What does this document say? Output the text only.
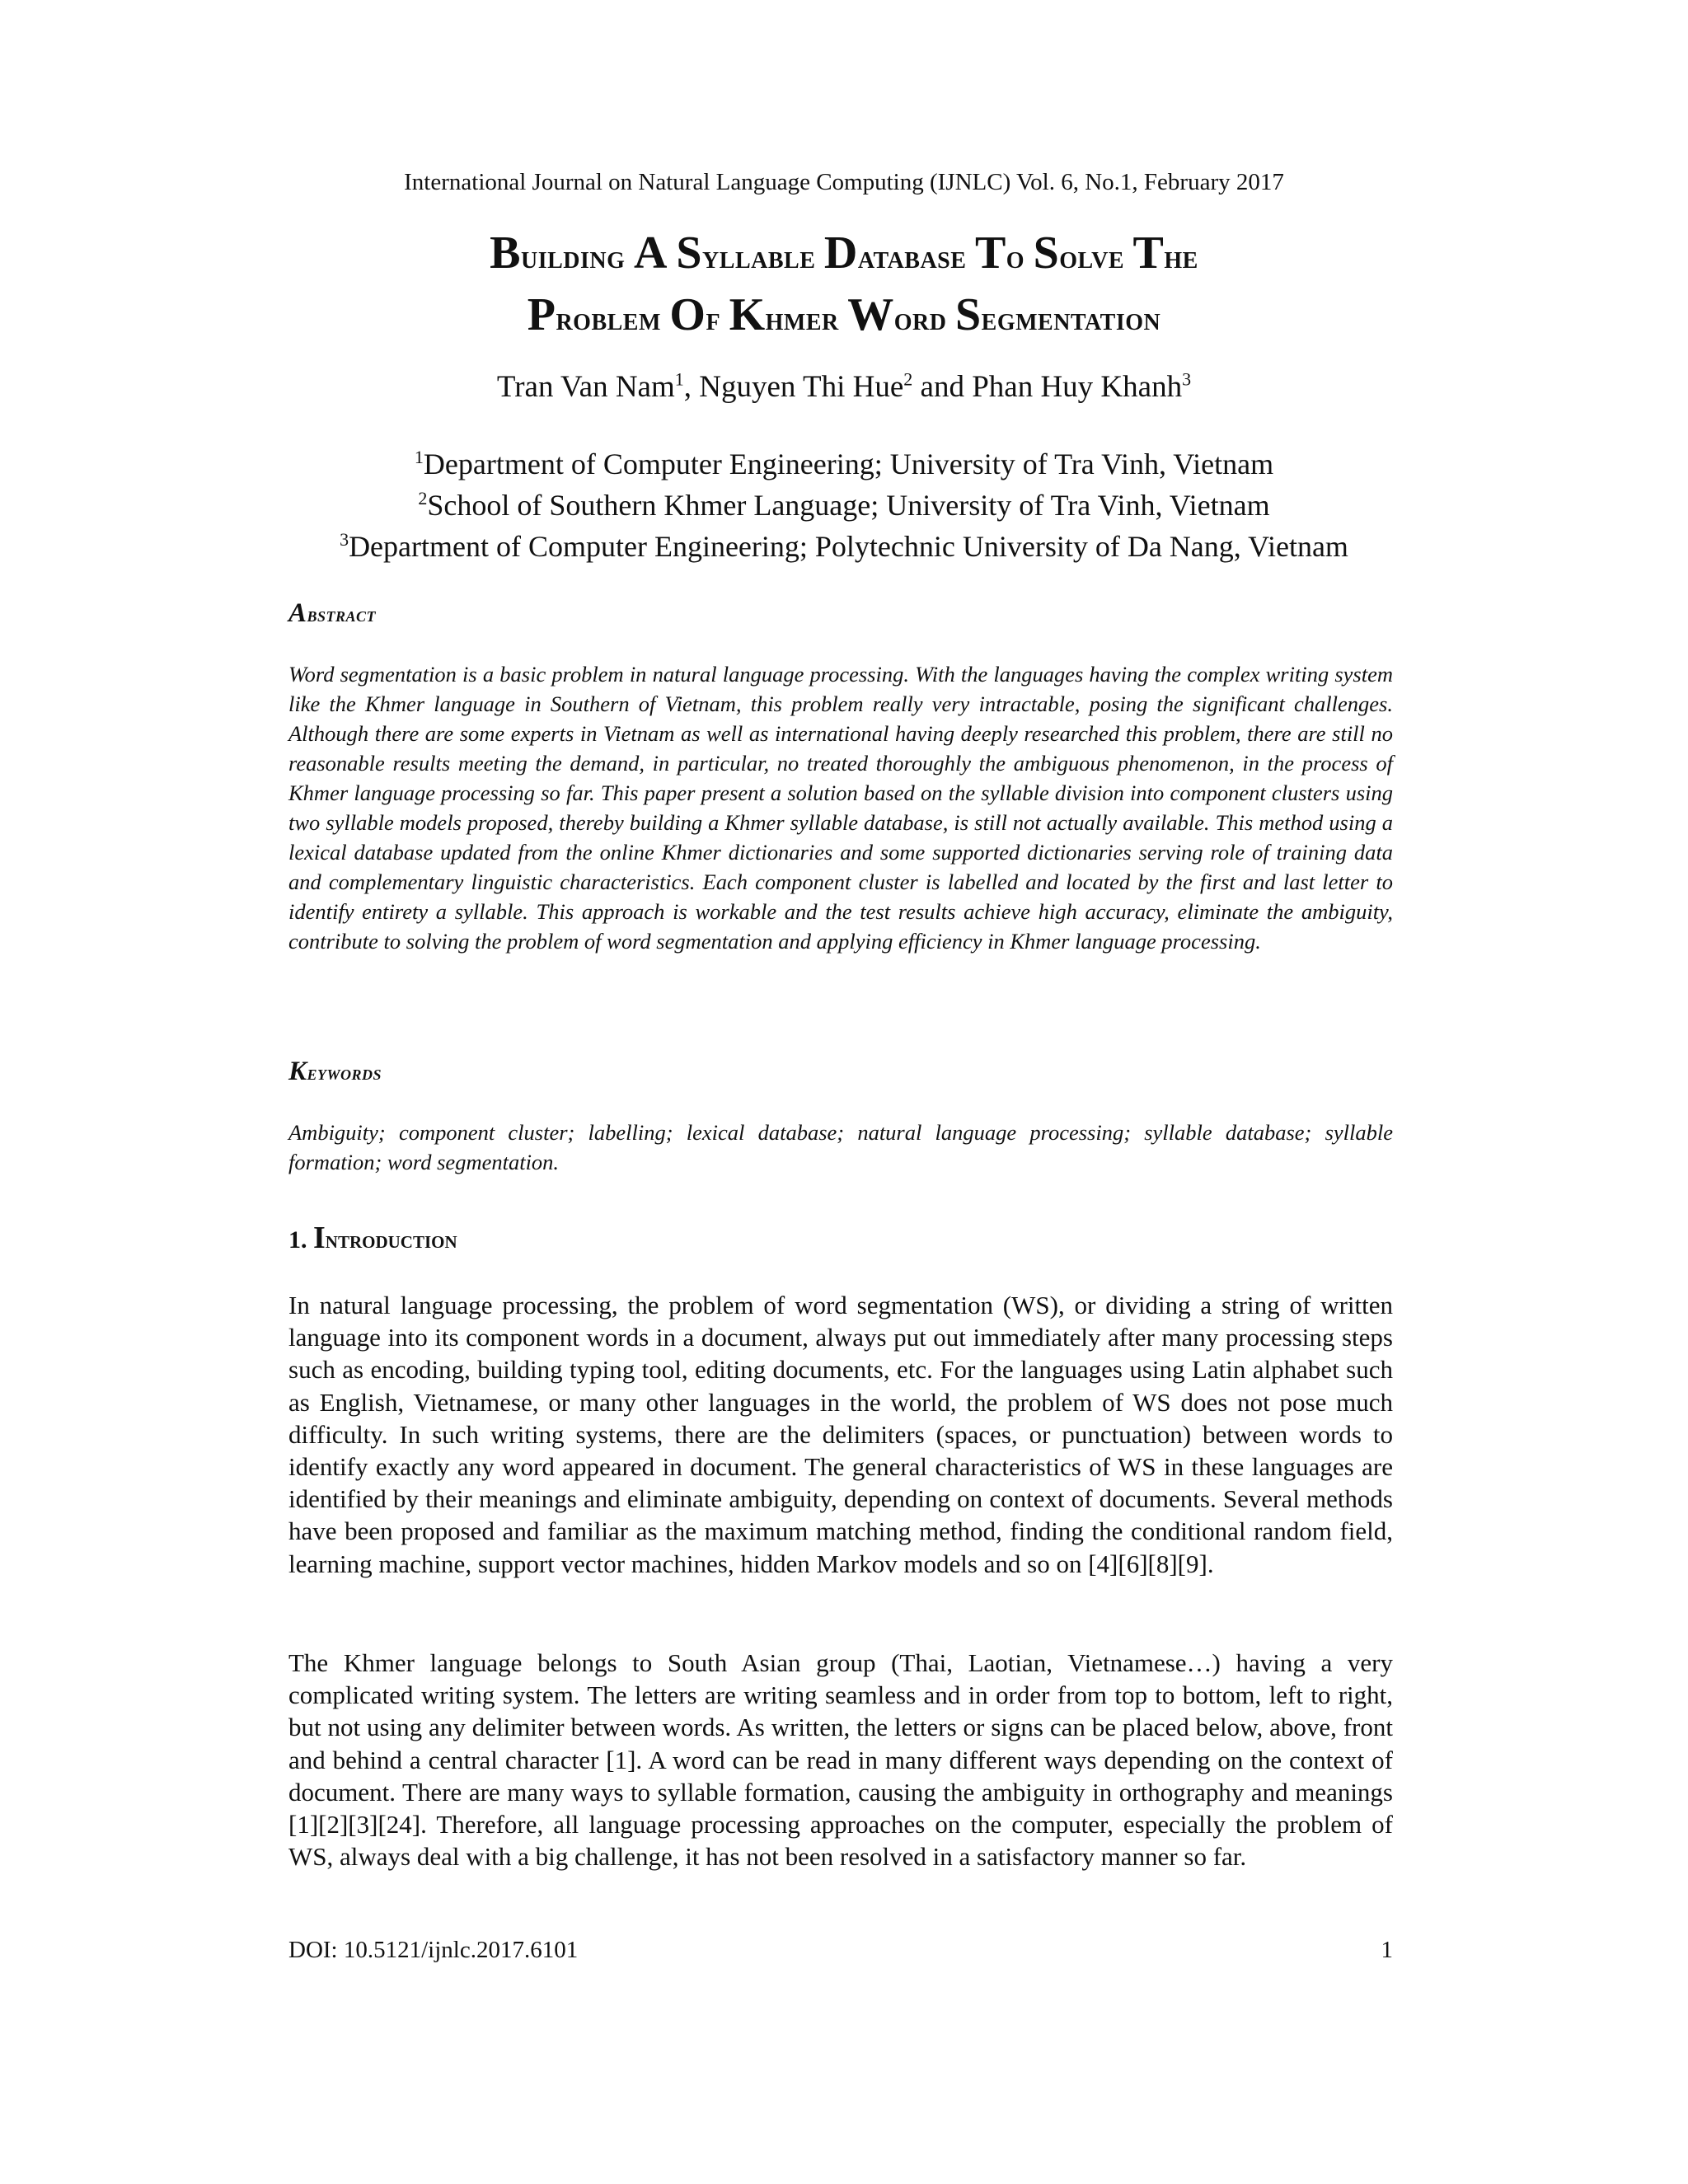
International Journal on Natural Language Computing (IJNLC) Vol. 6, No.1, February 2017
Building A Syllable Database To Solve The
Problem Of Khmer Word Segmentation
Tran Van Nam$^1$, Nguyen Thi Hue$^2$ and Phan Huy Khanh$^3$
$^1$Department of Computer Engineering; University of Tra Vinh, Vietnam
$^2$School of Southern Khmer Language; University of Tra Vinh, Vietnam
$^3$Department of Computer Engineering; Polytechnic University of Da Nang, Vietnam
Abstract

Word segmentation is a basic problem in natural language processing. With the languages having the complex writing system like the Khmer language in Southern of Vietnam, this problem really very intractable, posing the significant challenges. Although there are some experts in Vietnam as well as international having deeply researched this problem, there are still no reasonable results meeting the demand, in particular, no treated thoroughly the ambiguous phenomenon, in the process of Khmer language processing so far. This paper present a solution based on the syllable division into component clusters using two syllable models proposed, thereby building a Khmer syllable database, is still not actually available. This method using a lexical database updated from the online Khmer dictionaries and some supported dictionaries serving role of training data and complementary linguistic characteristics. Each component cluster is labelled and located by the first and last letter to identify entirety a syllable. This approach is workable and the test results achieve high accuracy, eliminate the ambiguity, contribute to solving the problem of word segmentation and applying efficiency in Khmer language processing.

Keywords

Ambiguity; component cluster; labelling; lexical database; natural language processing; syllable database; syllable formation; word segmentation.

1. Introduction

In natural language processing, the problem of word segmentation (WS), or dividing a string of written language into its component words in a document, always put out immediately after many processing steps such as encoding, building typing tool, editing documents, etc. For the languages using Latin alphabet such as English, Vietnamese, or many other languages in the world, the problem of WS does not pose much difficulty. In such writing systems, there are the delimiters (spaces, or punctuation) between words to identify exactly any word appeared in document. The general characteristics of WS in these languages are identified by their meanings and eliminate ambiguity, depending on context of documents. Several methods have been proposed and familiar as the maximum matching method, finding the conditional random field, learning machine, support vector machines, hidden Markov models and so on [4][6][8][9].

The Khmer language belongs to South Asian group (Thai, Laotian, Vietnamese…) having a very complicated writing system. The letters are writing seamless and in order from top to bottom, left to right, but not using any delimiter between words. As written, the letters or signs can be placed below, above, front and behind a central character [1]. A word can be read in many different ways depending on the context of document. There are many ways to syllable formation, causing the ambiguity in orthography and meanings [1][2][3][24]. Therefore, all language processing approaches on the computer, especially the problem of WS, always deal with a big challenge, it has not been resolved in a satisfactory manner so far.

DOI: 10.5121/ijnlc.2017.6101	1
